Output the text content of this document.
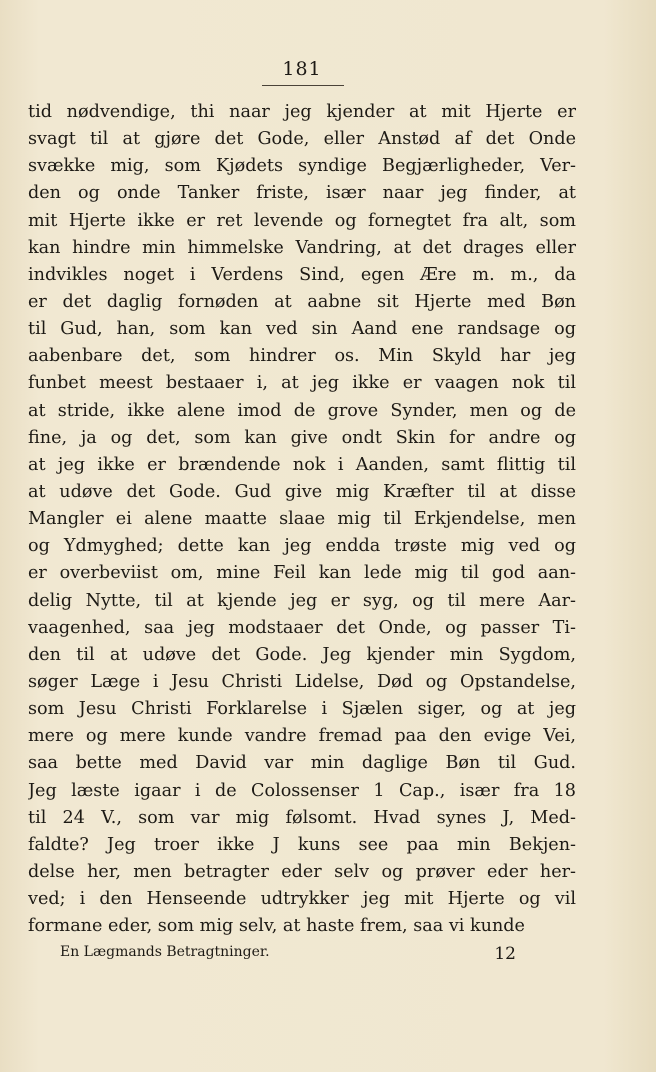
181
tid nødvendige, thi naar jeg kjender at mit Hjerte er
svagt til at gjøre det Gode, eller Anstød af det Onde
svække mig, som Kjødets syndige Begjærligheder, Ver-
den og onde Tanker friste, især naar jeg finder, at
mit Hjerte ikke er ret levende og fornegtet fra alt, som
kan hindre min himmelske Vandring, at det drages eller
indvikles noget i Verdens Sind, egen Ære m. m., da
er det daglig fornøden at aabne sit Hjerte med Bøn
til Gud, han, som kan ved sin Aand ene randsage og
aabenbare det, som hindrer os. Min Skyld har jeg
funbet meest bestaaer i, at jeg ikke er vaagen nok til
at stride, ikke alene imod de grove Synder, men og de
fine, ja og det, som kan give ondt Skin for andre og
at jeg ikke er brændende nok i Aanden, samt flittig til
at udøve det Gode. Gud give mig Kræfter til at disse
Mangler ei alene maatte slaae mig til Erkjendelse, men
og Ydmyghed; dette kan jeg endda trøste mig ved og
er overbeviist om, mine Feil kan lede mig til god aan-
delig Nytte, til at kjende jeg er syg, og til mere Aar-
vaagenhed, saa jeg modstaaer det Onde, og passer Ti-
den til at udøve det Gode. Jeg kjender min Sygdom,
søger Læge i Jesu Christi Lidelse, Død og Opstandelse,
som Jesu Christi Forklarelse i Sjælen siger, og at jeg
mere og mere kunde vandre fremad paa den evige Vei,
saa bette med David var min daglige Bøn til Gud.
Jeg læste igaar i de Colossenser 1 Cap., især fra 18
til 24 V., som var mig følsomt. Hvad synes J, Med-
faldte? Jeg troer ikke J kuns see paa min Bekjen-
delse her, men betragter eder selv og prøver eder her-
ved; i den Henseende udtrykker jeg mit Hjerte og vil
formane eder, som mig selv, at haste frem, saa vi kunde
En Lægmands Betragtninger.	12
